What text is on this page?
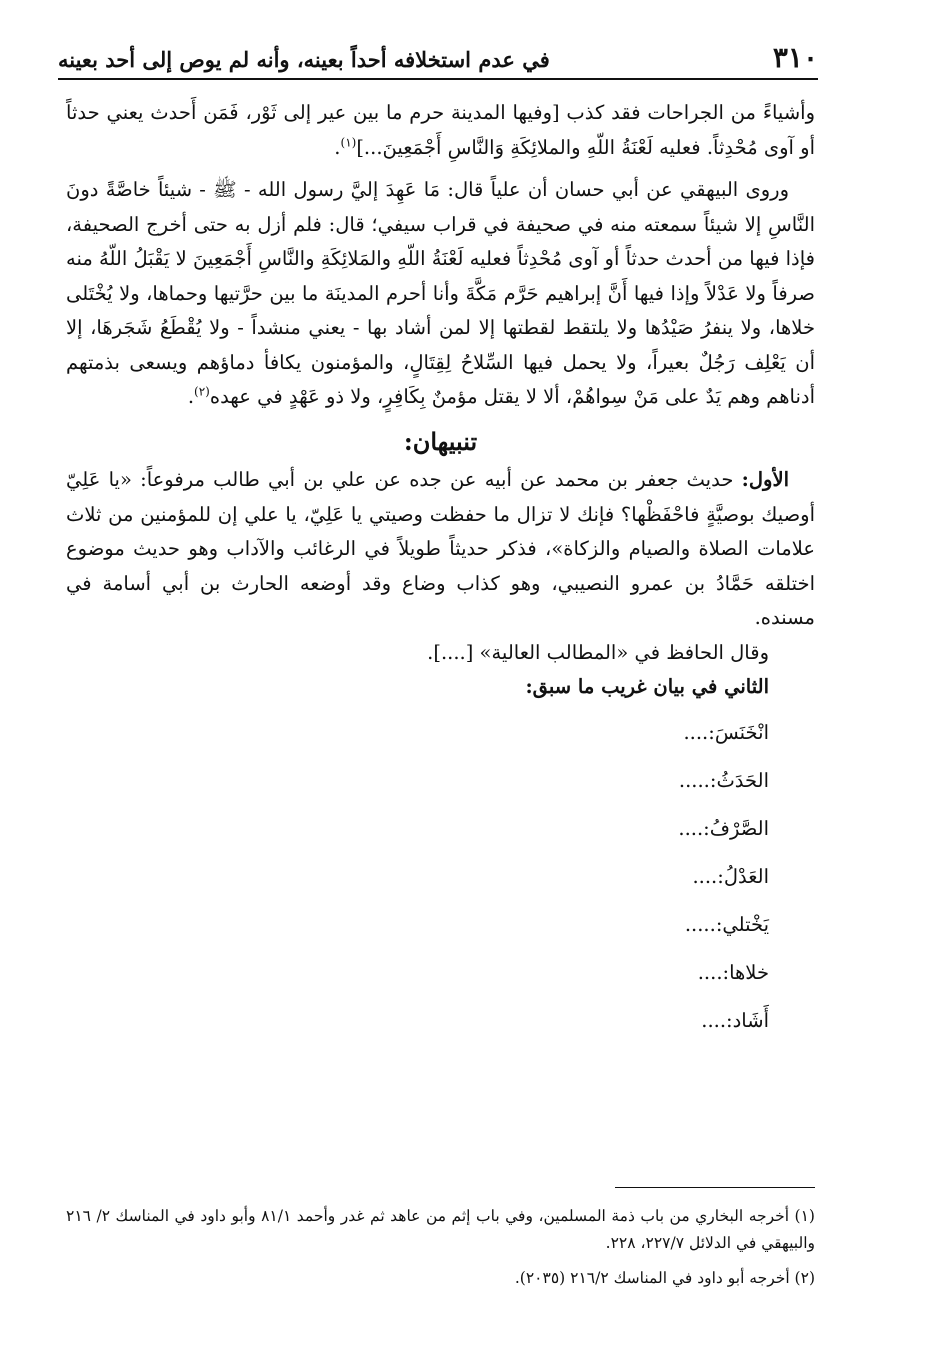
٣١٠
في عدم استخلافه أحداً بعينه، وأنه لم يوص إلى أحد بعينه

وأشياءً من الجراحات فقد كذب [وفيها المدينة حرم ما بين عير إلى ثَوْر، فَمَن أَحدث يعني حدثاً أو آوى مُحْدِثاً. فعليه لَعْنَةُ اللّهِ والملائِكَةِ وَالنَّاسِ أَجْمَعِينَ...]$^{(١)}$.

وروى البيهقي عن أبي حسان أن علياً قال: مَا عَهِدَ إليَّ رسول الله - ﷺ - شيئاً خاصَّةً دونَ النَّاسِ إلا شيئاً سمعته منه في صحيفة في قراب سيفي؛ قال: فلم أزل به حتى أخرج الصحيفة، فإذا فيها من أحدث حدثاً أو آوى مُحْدِثاً فعليه لَعْنَةُ اللّهِ والمَلائِكَةِ والنَّاسِ أَجْمَعِينَ لا يَقْبَلُ اللّهُ منه صرفاً ولا عَدْلاً وإذا فيها أَنَّ إبراهيم حَرَّم مَكَّةَ وأنا أحرم المدينَة ما بين حرَّتيها وحماها، ولا يُخْتَلى خلاها، ولا ينفرُ صَيْدُها ولا يلتقط لقطتها إلا لمن أشاد بها - يعني منشداً - ولا يُقْطَعُ شَجَرهَا، إلا أن يَعْلِف رَجُلٌ بعيراً، ولا يحمل فيها السِّلاحُ لِقِتَالٍ، والمؤمنون يكافأ دماؤهم ويسعى بذمتهم أدناهم وهم يَدٌ على مَنْ سِواهُمْ، ألا لا يقتل مؤمنٌ بِكَافِرٍ، ولا ذو عَهْدٍ في عهده$^{(٢)}$.

تنبيهان:

الأول: حديث جعفر بن محمد عن أبيه عن جده عن علي بن أبي طالب مرفوعاً: «يا عَلِيّ أوصيك بوصيَّةٍ فاحْفَظْها؟ فإنك لا تزال ما حفظت وصيتي يا عَلِيّ، يا علي إن للمؤمنين من ثلاث علامات الصلاة والصيام والزكاة»، فذكر حديثاً طويلاً في الرغائب والآداب وهو حديث موضوع اختلقه حَمَّادُ بن عمرو النصيبي، وهو كذاب وضاع وقد أوضعه الحارث بن أبي أسامة في مسنده.

وقال الحافظ في «المطالب العالية» [....].

الثاني في بيان غريب ما سبق:

انْخَنَسَ:....
الحَدَثُ:.....
الصَّرْفُ:....
العَدْلُ:....
يَخْتلي:.....
خلاها:....
أَشَاد:....

(١) أخرجه البخاري من باب ذمة المسلمين، وفي باب إثم من عاهد ثم غدر وأحمد ٨١/١ وأبو داود في المناسك ٢/ ٢١٦ والبيهقي في الدلائل ٢٢٧/٧، ٢٢٨.

(٢) أخرجه أبو داود في المناسك ٢١٦/٢ (٢٠٣٥).
